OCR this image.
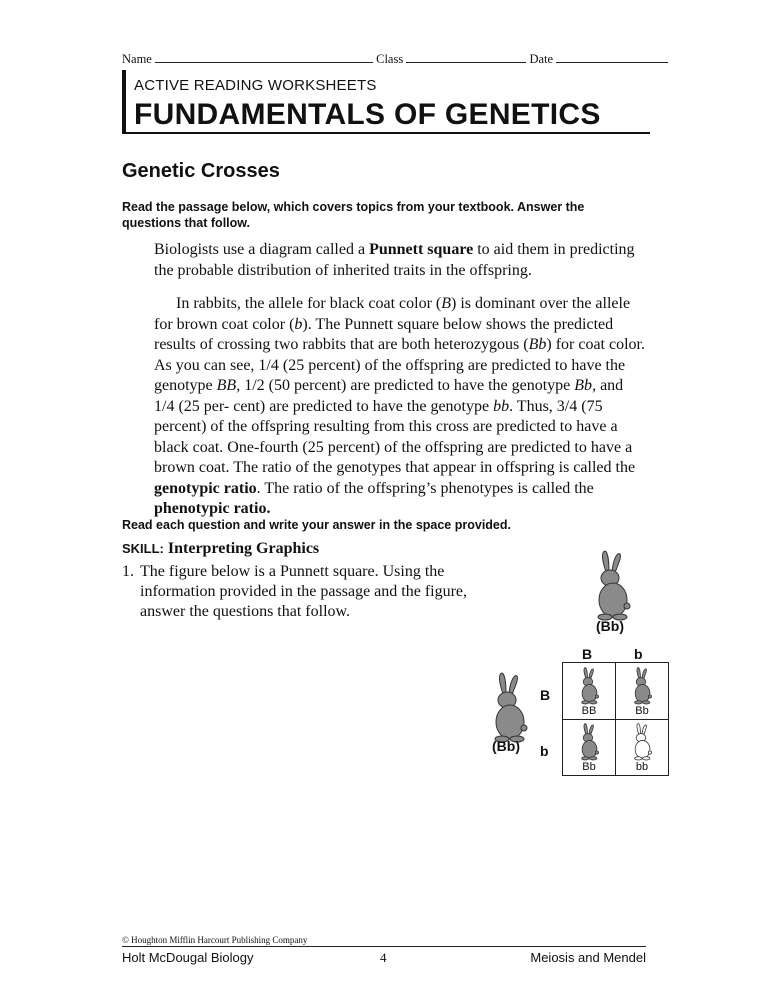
Name	Class	Date
ACTIVE READING WORKSHEETS
FUNDAMENTALS OF GENETICS
Genetic Crosses
Read the passage below, which covers topics from your textbook. Answer the questions that follow.

Biologists use a diagram called a Punnett square to aid them in predicting the probable distribution of inherited traits in the offspring.

In rabbits, the allele for black coat color (B) is dominant over the allele for brown coat color (b). The Punnett square below shows the predicted results of crossing two rabbits that are both heterozygous (Bb) for coat color. As you can see, 1/4 (25 percent) of the offspring are predicted to have the genotype BB, 1/2 (50 percent) are predicted to have the genotype Bb, and 1/4 (25 per- cent) are predicted to have the genotype bb. Thus, 3/4 (75 percent) of the offspring resulting from this cross are predicted to have a black coat. One-fourth (25 percent) of the offspring are predicted to have a brown coat. The ratio of the genotypes that appear in offspring is called the genotypic ratio. The ratio of the offspring’s phenotypes is called the phenotypic ratio.

Read each question and write your answer in the space provided.
SKILL: Interpreting Graphics
1. The figure below is a Punnett square. Using the information provided in the passage and the figure, answer the questions that follow.
(Bb)
B	b
(Bb)
B
b
BB	Bb
Bb	bb
© Houghton Mifflin Harcourt Publishing Company
Holt McDougal Biology	4	Meiosis and Mendel
